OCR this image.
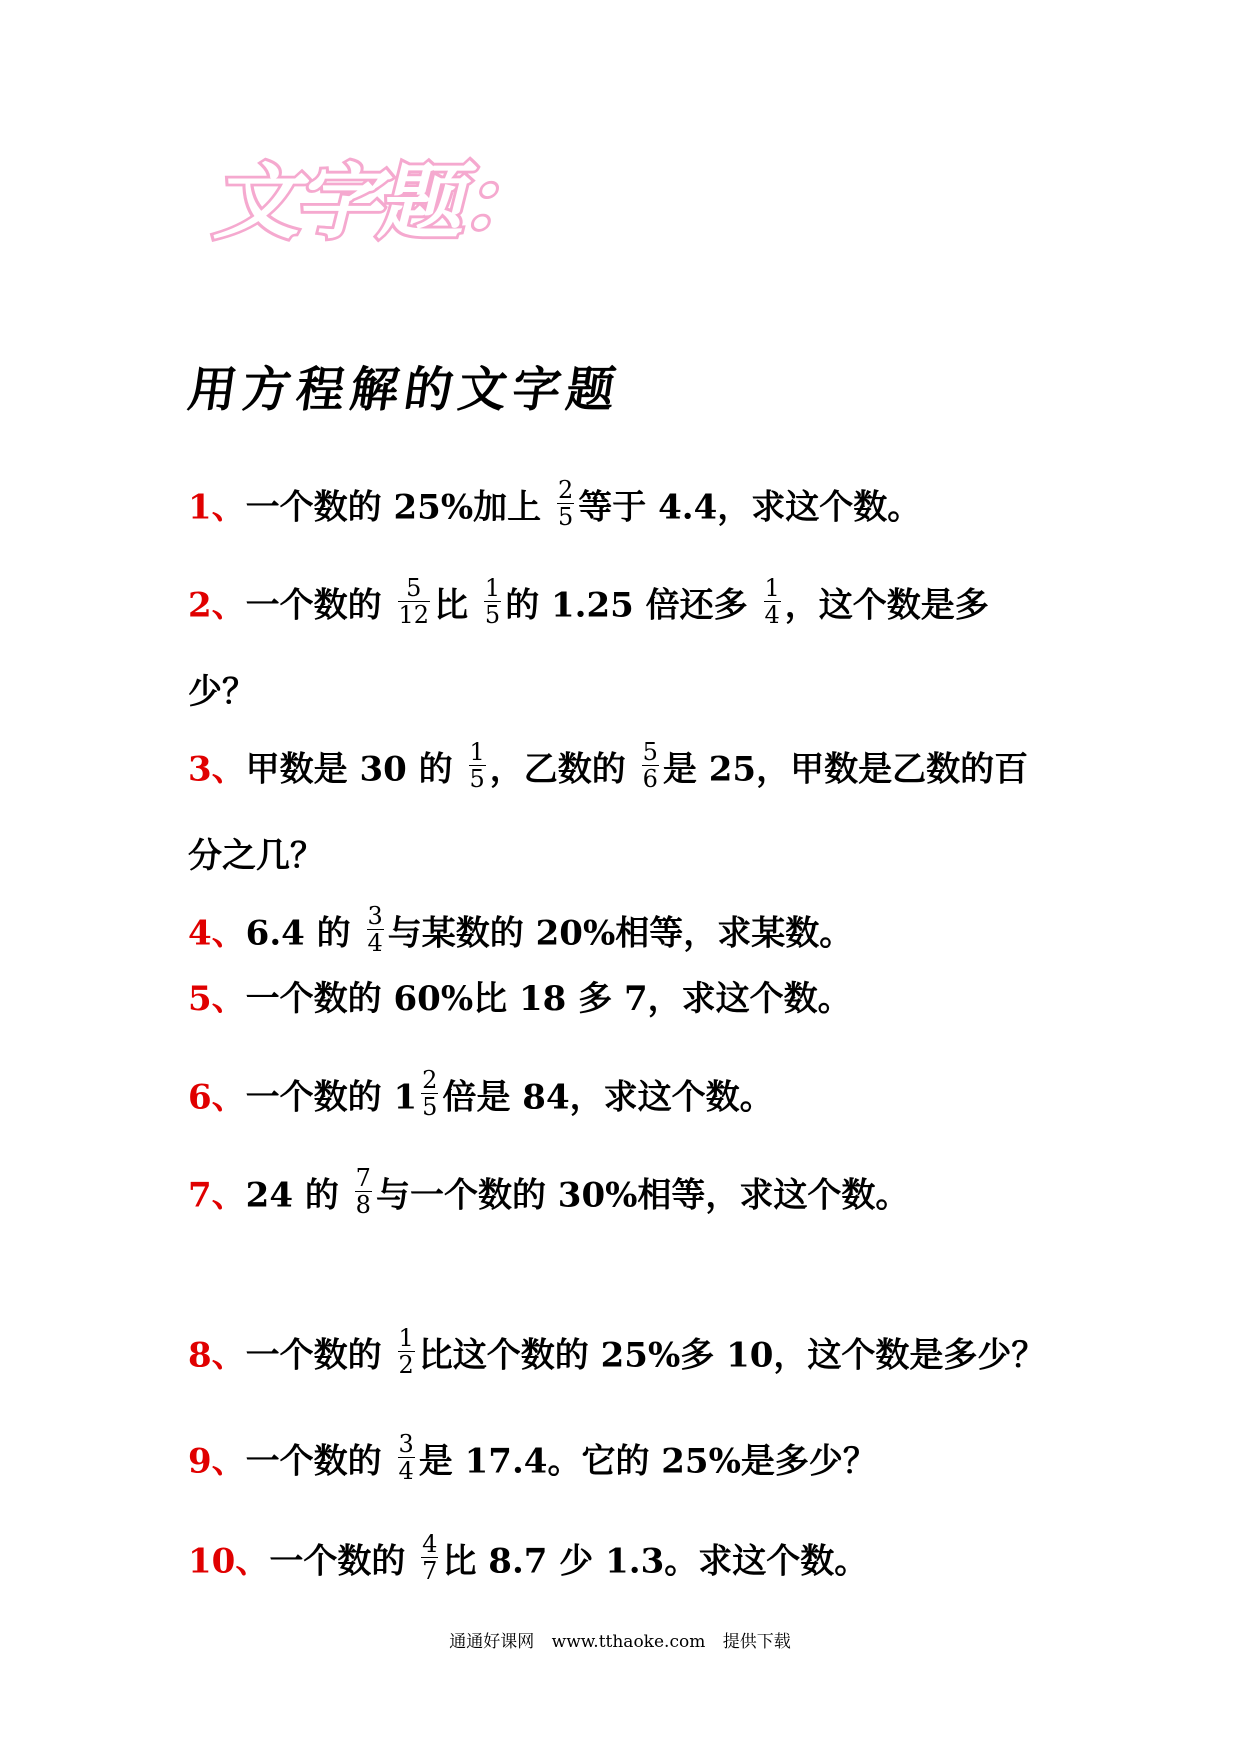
文字题：
用方程解的文字题
1、一个数的 25%加上 $\frac{2}{5}$ 等于 4.4，求这个数。
2、一个数的 $\frac{5}{12}$ 比 $\frac{1}{5}$ 的 1.25 倍还多 $\frac{1}{4}$ ，这个数是多
少？
3、甲数是 30 的 $\frac{1}{5}$ ，乙数的 $\frac{5}{6}$ 是 25，甲数是乙数的百
分之几？
4、6.4 的 $\frac{3}{4}$ 与某数的 20%相等，求某数。
5、一个数的 60%比 18 多 7，求这个数。
6、一个数的 $1 \frac{2}{5}$ 倍是 84，求这个数。
7、24 的 $\frac{7}{8}$ 与一个数的 30%相等，求这个数。
8、一个数的 $\frac{1}{2}$ 比这个数的 25%多 10，这个数是多少？
9、一个数的 $\frac{3}{4}$ 是 17.4。它的 25%是多少？
10、一个数的 $\frac{4}{7}$ 比 8.7 少 1.3。求这个数。
通通好课网 www.tthaoke.com 提供下载
